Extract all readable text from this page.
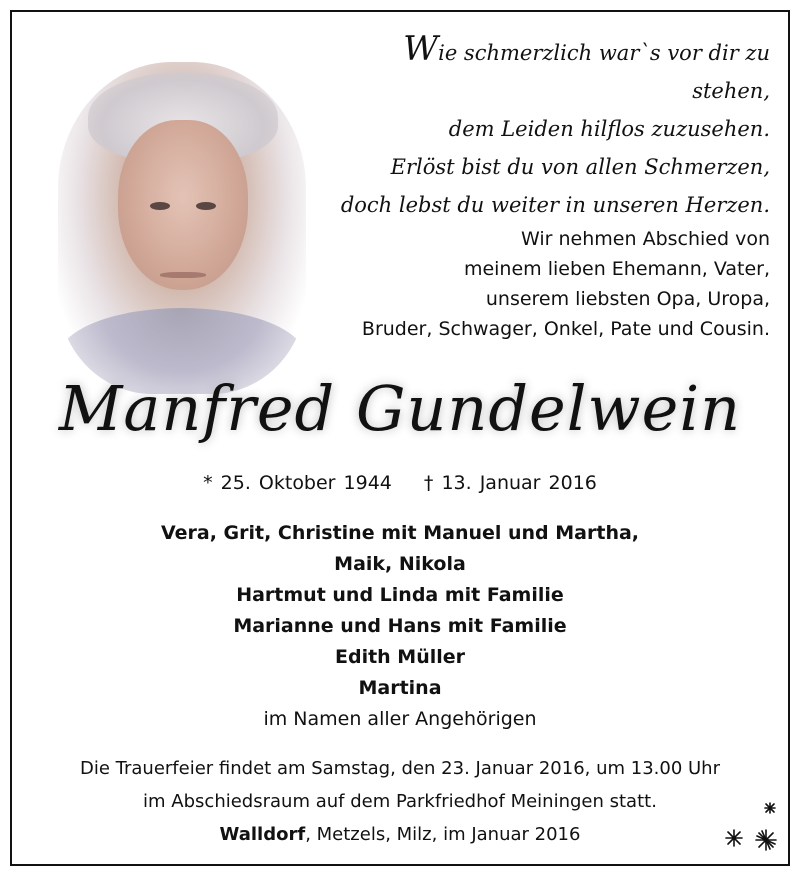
Wie schmerzlich war`s vor dir zu stehen,
dem Leiden hilflos zuzusehen.
Erlöst bist du von allen Schmerzen,
doch lebst du weiter in unseren Herzen.
Wir nehmen Abschied von
meinem lieben Ehemann, Vater,
unserem liebsten Opa, Uropa,
Bruder, Schwager, Onkel, Pate und Cousin.
Manfred Gundelwein
* 25. Oktober 1944 † 13. Januar 2016
Vera, Grit, Christine mit Manuel und Martha,
Maik, Nikola
Hartmut und Linda mit Familie
Marianne und Hans mit Familie
Edith Müller
Martina
im Namen aller Angehörigen
Die Trauerfeier findet am Samstag, den 23. Januar 2016, um 13.00 Uhr
im Abschiedsraum auf dem Parkfriedhof Meiningen statt.
Walldorf, Metzels, Milz, im Januar 2016
